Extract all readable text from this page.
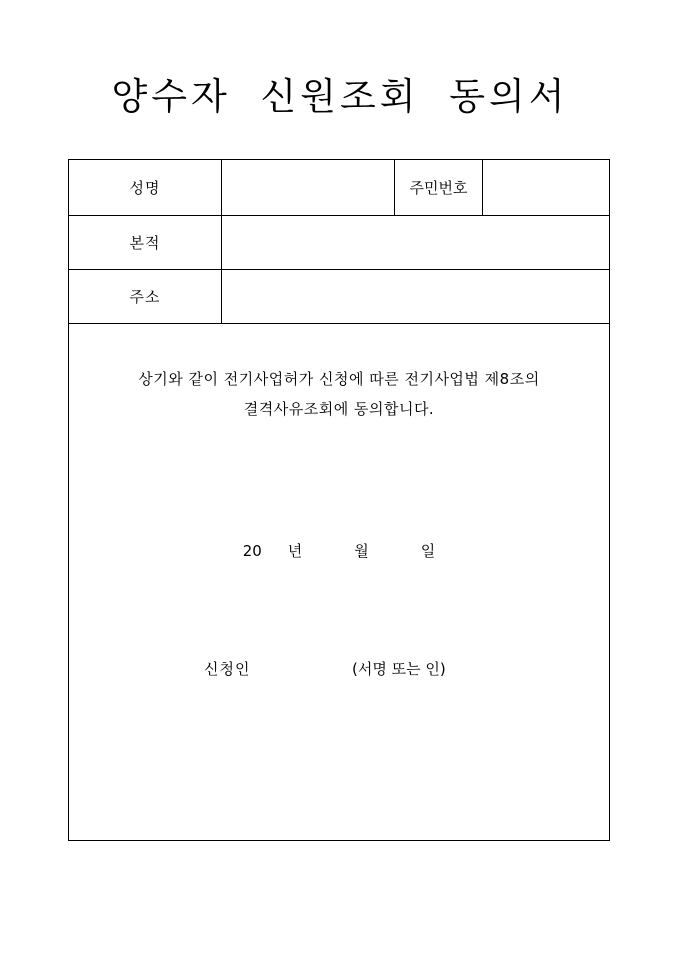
양수자 신원조회 동의서
성명	주민번호
본적
주소
상기와 같이 전기사업허가 신청에 따른 전기사업법 제8조의
결격사유조회에 동의합니다.
20 년	월	일
신청인	(서명 또는 인)
